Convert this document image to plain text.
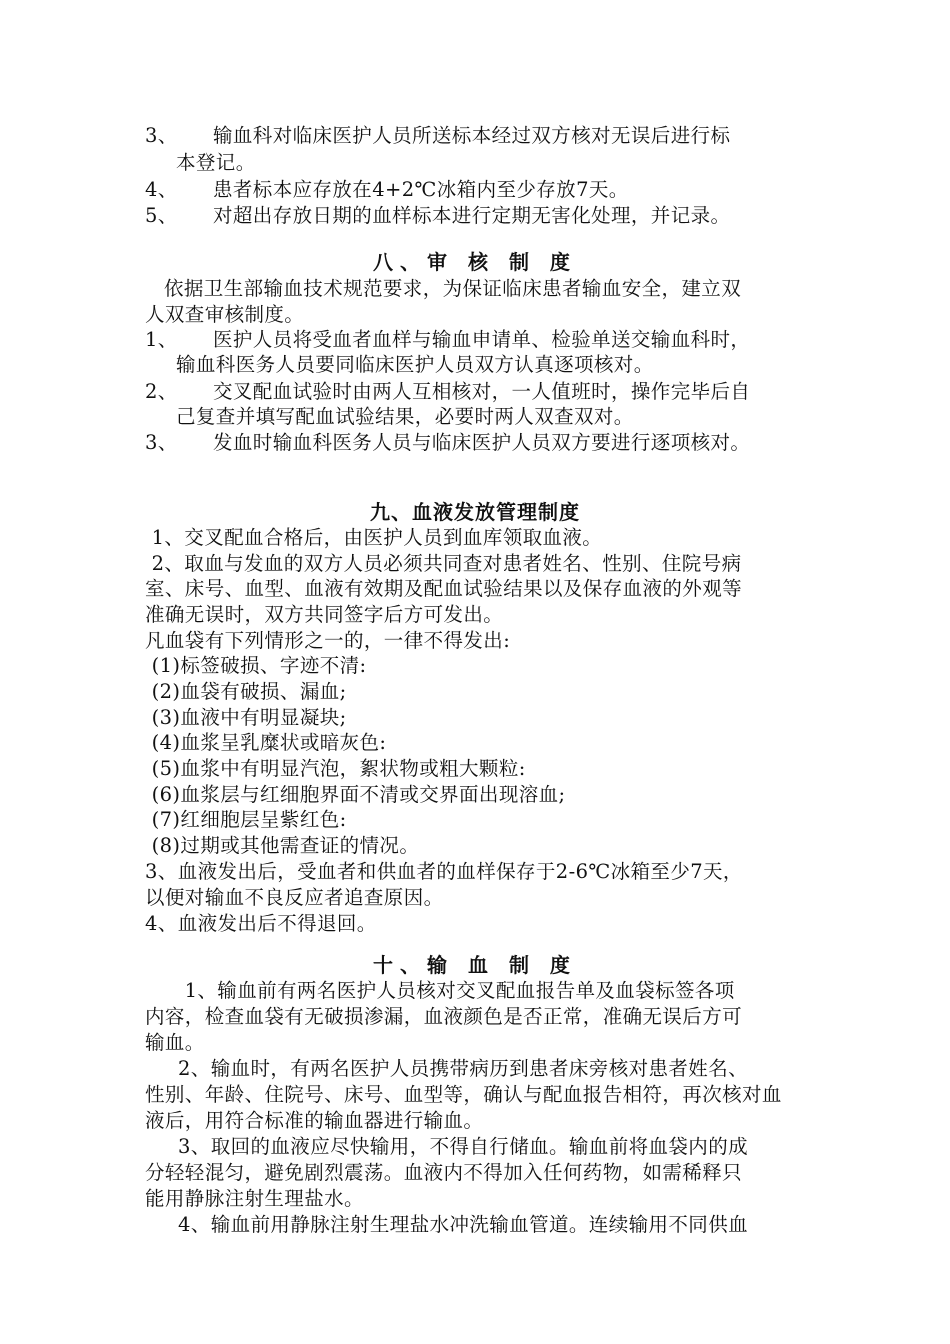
3、 输血科对临床医护人员所送标本经过双方核对无误后进行标

本登记。

4、 患者标本应存放在4+2℃冰箱内至少存放7天。

5、 对超出存放日期的血样标本进行定期无害化处理，并记录。

八、审 核 制 度

依据卫生部输血技术规范要求，为保证临床患者输血安全，建立双

人双查审核制度。

1、 医护人员将受血者血样与输血申请单、检验单送交输血科时，

输血科医务人员要同临床医护人员双方认真逐项核对。

2、 交叉配血试验时由两人互相核对，一人值班时，操作完毕后自

己复查并填写配血试验结果，必要时两人双查双对。

3、 发血时输血科医务人员与临床医护人员双方要进行逐项核对。

九、血液发放管理制度

1、交叉配血合格后，由医护人员到血库领取血液。

2、取血与发血的双方人员必须共同查对患者姓名、性别、住院号病

室、床号、血型、血液有效期及配血试验结果以及保存血液的外观等

准确无误时，双方共同签字后方可发出。

凡血袋有下列情形之一的，一律不得发出:

(1)标签破损、字迹不清:

(2)血袋有破损、漏血;

(3)血液中有明显凝块;

(4)血浆呈乳糜状或暗灰色:

(5)血浆中有明显汽泡，絮状物或粗大颗粒:

(6)血浆层与红细胞界面不清或交界面出现溶血;

(7)红细胞层呈紫红色:

(8)过期或其他需查证的情况。

3、血液发出后，受血者和供血者的血样保存于2-6℃冰箱至少7天，

以便对输血不良反应者追查原因。

4、血液发出后不得退回。

十、输 血 制 度

1、输血前有两名医护人员核对交叉配血报告单及血袋标签各项

内容，检查血袋有无破损渗漏，血液颜色是否正常，准确无误后方可

输血。

2、输血时，有两名医护人员携带病历到患者床旁核对患者姓名、

性别、年龄、住院号、床号、血型等，确认与配血报告相符，再次核对血

液后，用符合标准的输血器进行输血。

3、取回的血液应尽快输用，不得自行储血。输血前将血袋内的成

分轻轻混匀，避免剧烈震荡。血液内不得加入任何药物，如需稀释只

能用静脉注射生理盐水。

4、输血前用静脉注射生理盐水冲洗输血管道。连续输用不同供血
